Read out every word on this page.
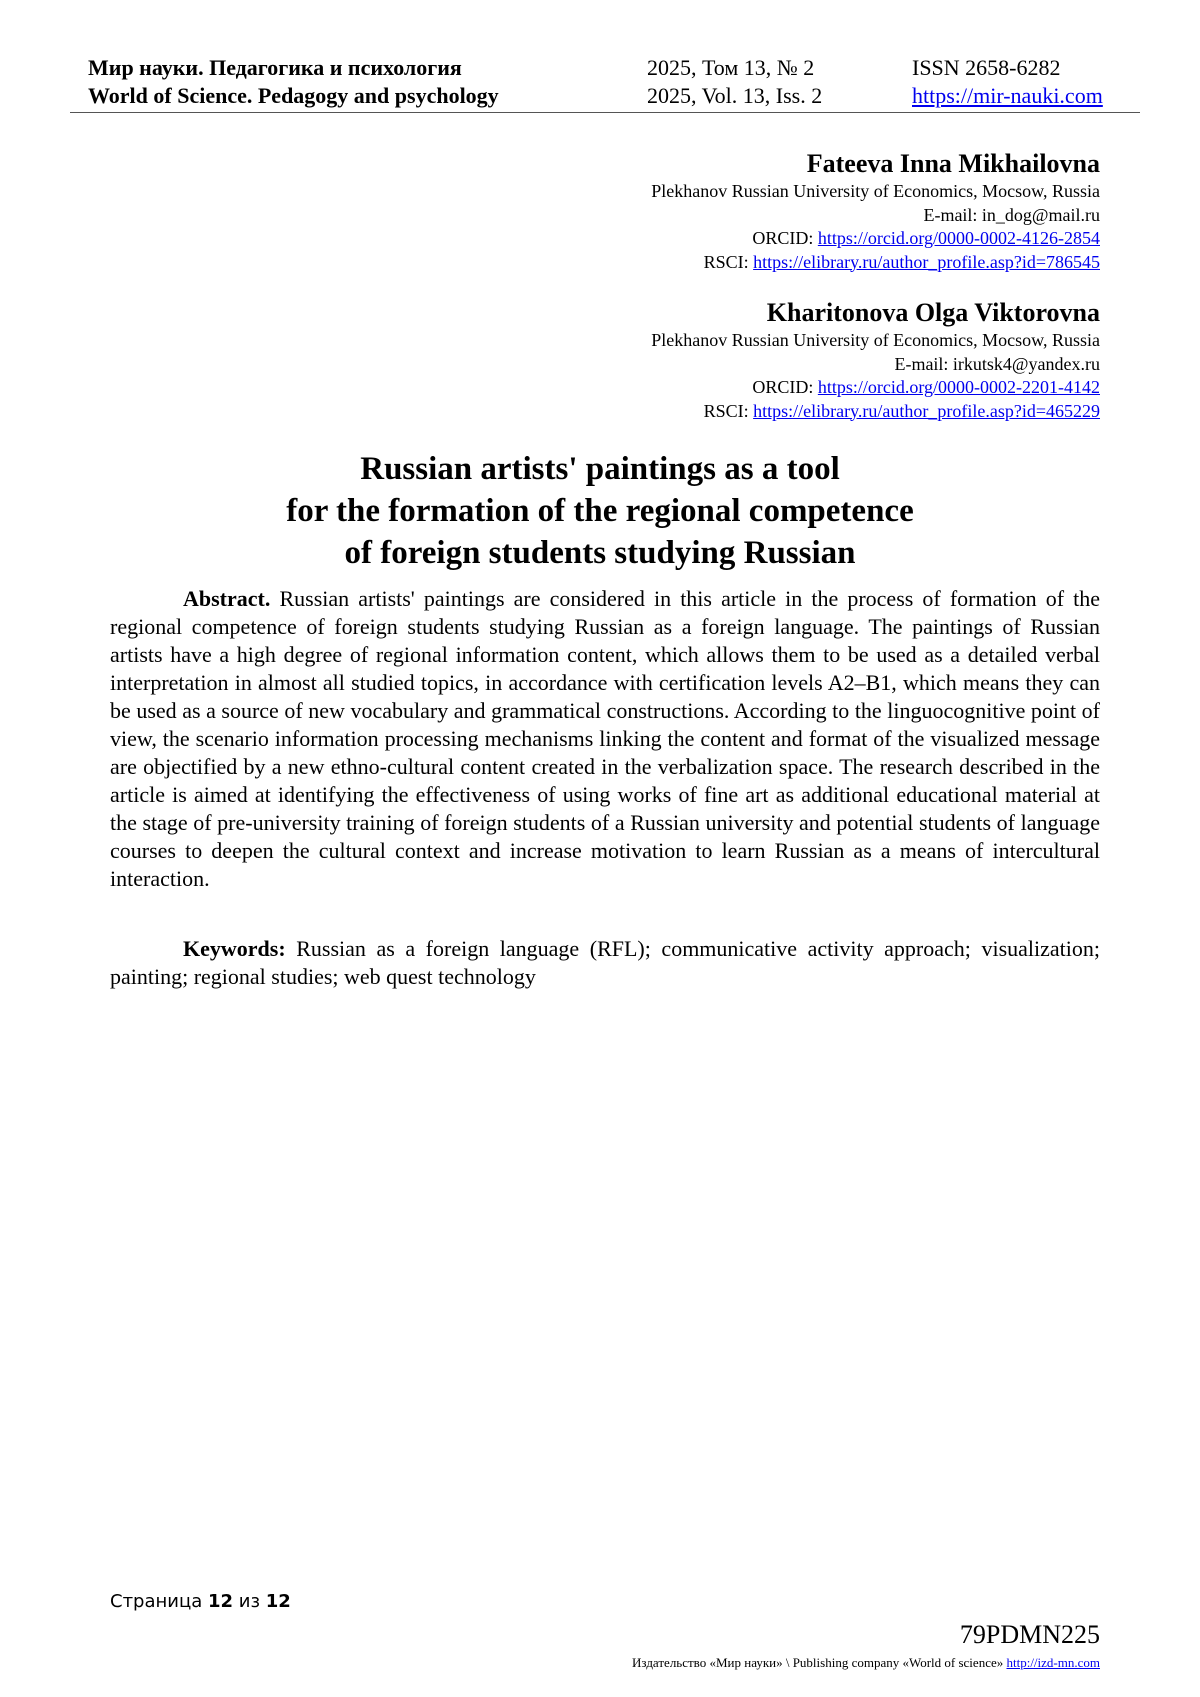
Мир науки. Педагогика и психология
World of Science. Pedagogy and psychology
2025, Том 13, № 2
2025, Vol. 13, Iss. 2
ISSN 2658-6282
https://mir-nauki.com
Fateeva Inna Mikhailovna
Plekhanov Russian University of Economics, Mocsow, Russia
E-mail: in_dog@mail.ru
ORCID: https://orcid.org/0000-0002-4126-2854
RSCI: https://elibrary.ru/author_profile.asp?id=786545
Kharitonova Olga Viktorovna
Plekhanov Russian University of Economics, Mocsow, Russia
E-mail: irkutsk4@yandex.ru
ORCID: https://orcid.org/0000-0002-2201-4142
RSCI: https://elibrary.ru/author_profile.asp?id=465229
Russian artists' paintings as a tool
for the formation of the regional competence
of foreign students studying Russian
Abstract. Russian artists' paintings are considered in this article in the process of formation of the regional competence of foreign students studying Russian as a foreign language. The paintings of Russian artists have a high degree of regional information content, which allows them to be used as a detailed verbal interpretation in almost all studied topics, in accordance with certification levels A2–B1, which means they can be used as a source of new vocabulary and grammatical constructions. According to the linguocognitive point of view, the scenario information processing mechanisms linking the content and format of the visualized message are objectified by a new ethno-cultural content created in the verbalization space. The research described in the article is aimed at identifying the effectiveness of using works of fine art as additional educational material at the stage of pre-university training of foreign students of a Russian university and potential students of language courses to deepen the cultural context and increase motivation to learn Russian as a means of intercultural interaction.
Keywords: Russian as a foreign language (RFL); communicative activity approach; visualization; painting; regional studies; web quest technology
Страница 12 из 12
79PDMN225
Издательство «Мир науки» \ Publishing company «World of science» http://izd-mn.com
